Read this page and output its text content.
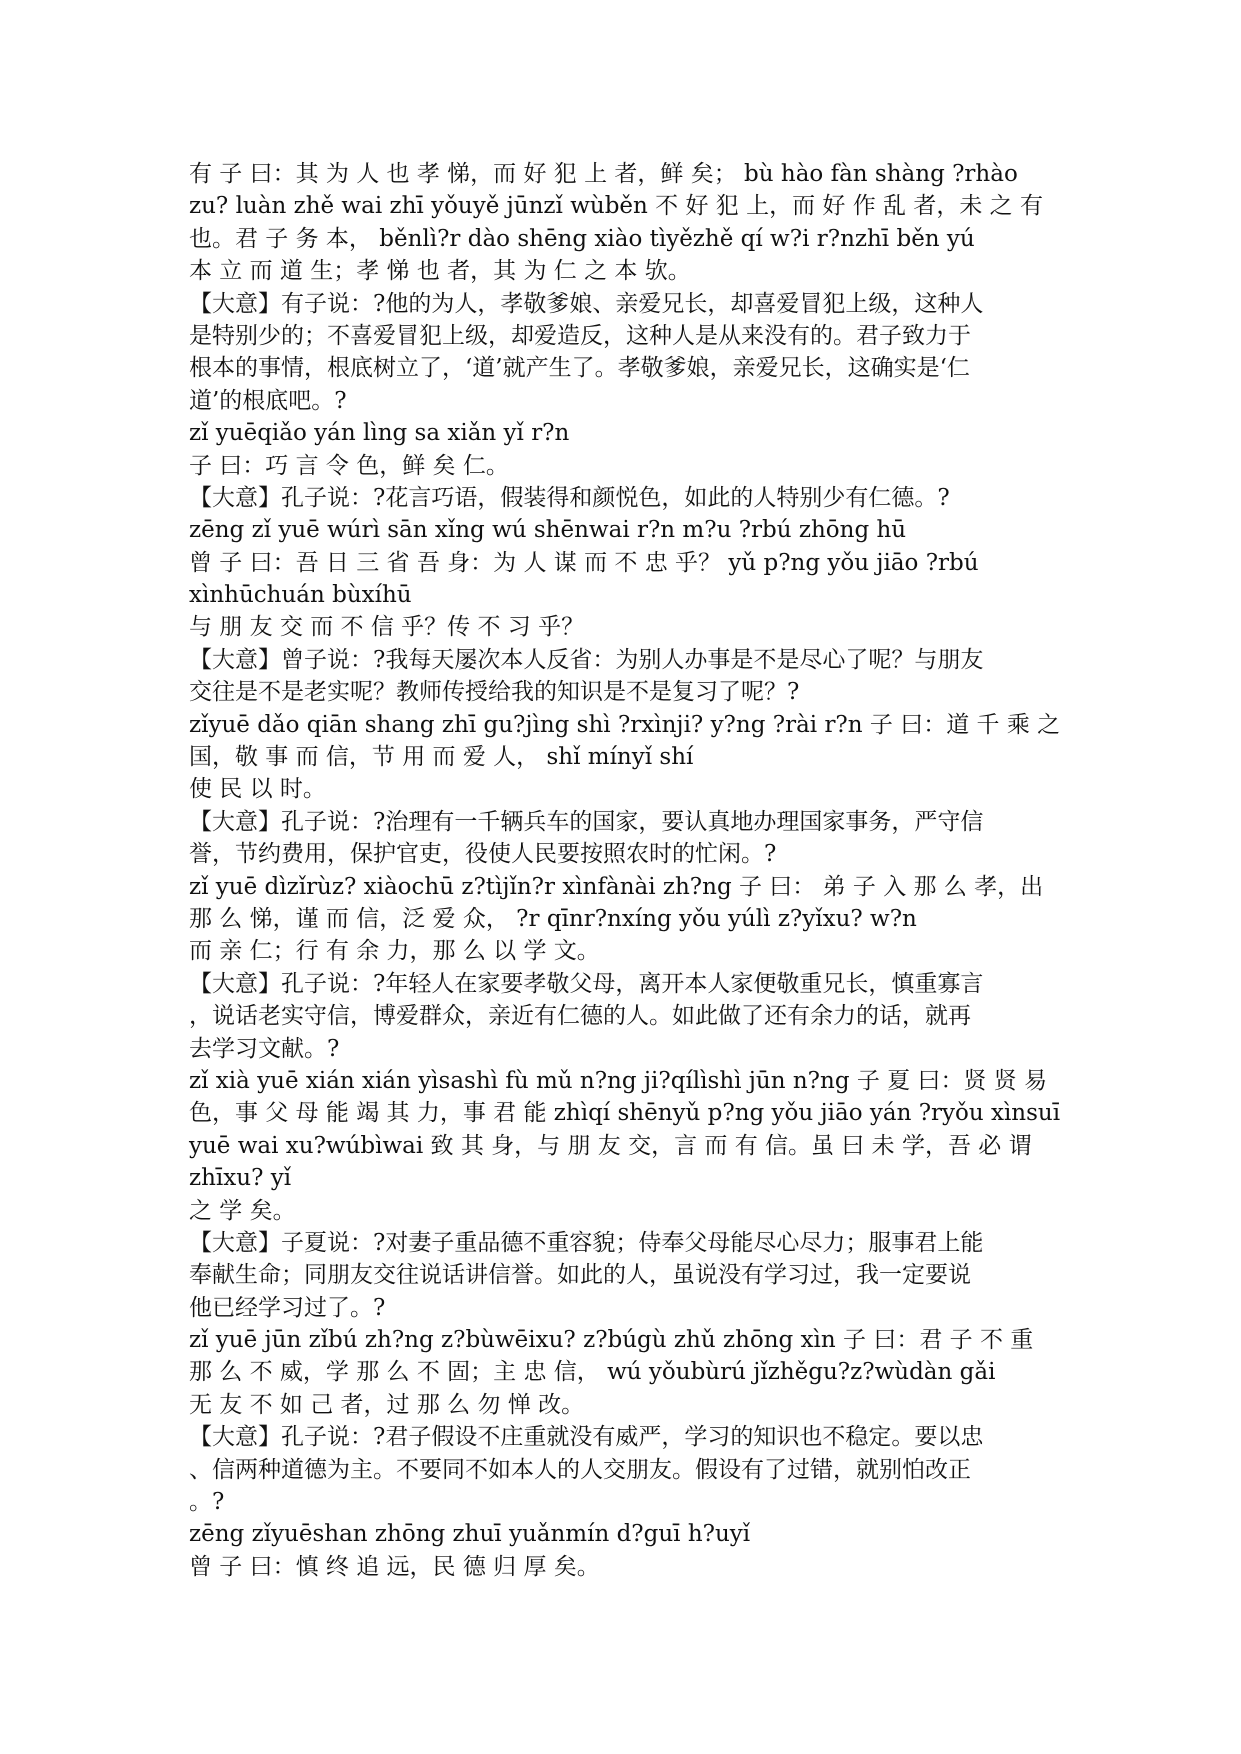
有 子 曰：其 为 人 也 孝 悌，而 好 犯 上 者，鲜 矣； bù hào fàn shàng ?rhào
zu? luàn zhě wai zhī yǒuyě jūnzǐ wùběn 不 好 犯 上，而 好 作 乱 者，未 之 有
也。君 子 务 本， běnlì?r dào shēng xiào tìyězhě qí w?i r?nzhī běn yú
本 立 而 道 生；孝 悌 也 者，其 为 仁 之 本 欤。
【大意】有子说：?他的为人，孝敬爹娘、亲爱兄长，却喜爱冒犯上级，这种人
是特别少的；不喜爱冒犯上级，却爱造反，这种人是从来没有的。君子致力于
根本的事情，根底树立了，‘道’就产生了。孝敬爹娘，亲爱兄长，这确实是‘仁
道’的根底吧。?
zǐ yuēqiǎo yán lìng sa xiǎn yǐ r?n
子 曰：巧 言 令 色，鲜 矣 仁。
【大意】孔子说：?花言巧语，假装得和颜悦色，如此的人特别少有仁德。?
zēng zǐ yuē wúrì sān xǐng wú shēnwai r?n m?u ?rbú zhōng hū
曾 子 曰：吾 日 三 省 吾 身：为 人 谋 而 不 忠 乎？ yǔ p?ng yǒu jiāo ?rbú
xìnhūchuán bùxíhū
与 朋 友 交 而 不 信 乎？传 不 习 乎？
【大意】曾子说：?我每天屡次本人反省：为别人办事是不是尽心了呢？与朋友
交往是不是老实呢？教师传授给我的知识是不是复习了呢？?
zǐyuē dǎo qiān shang zhī gu?jìng shì ?rxìnji? y?ng ?rài r?n 子 曰：道 千 乘 之
国，敬 事 而 信，节 用 而 爱 人， shǐ mínyǐ shí
使 民 以 时。
【大意】孔子说：?治理有一千辆兵车的国家，要认真地办理国家事务，严守信
誉，节约费用，保护官吏，役使人民要按照农时的忙闲。?
zǐ yuē dìzǐrùz? xiàochū z?tìjǐn?r xìnfànài zh?ng 子 曰： 弟 子 入 那 么 孝，出
那 么 悌，谨 而 信，泛 爱 众， ?r qīnr?nxíng yǒu yúlì z?yǐxu? w?n
而 亲 仁；行 有 余 力，那 么 以 学 文。
【大意】孔子说：?年轻人在家要孝敬父母，离开本人家便敬重兄长，慎重寡言
，说话老实守信，博爱群众，亲近有仁德的人。如此做了还有余力的话，就再
去学习文献。?
zǐ xià yuē xián xián yìsashì fù mǔ n?ng ji?qílìshì jūn n?ng 子 夏 曰：贤 贤 易
色，事 父 母 能 竭 其 力，事 君 能 zhìqí shēnyǔ p?ng yǒu jiāo yán ?ryǒu xìnsuī
yuē wai xu?wúbìwai 致 其 身，与 朋 友 交，言 而 有 信。虽 曰 未 学，吾 必 谓
zhīxu? yǐ
之 学 矣。
【大意】子夏说：?对妻子重品德不重容貌；侍奉父母能尽心尽力；服事君上能
奉献生命；同朋友交往说话讲信誉。如此的人，虽说没有学习过，我一定要说
他已经学习过了。?
zǐ yuē jūn zǐbú zh?ng z?bùwēixu? z?búgù zhǔ zhōng xìn 子 曰：君 子 不 重
那 么 不 威，学 那 么 不 固；主 忠 信， wú yǒubùrú jǐzhěgu?z?wùdàn gǎi
无 友 不 如 己 者，过 那 么 勿 惮 改。
【大意】孔子说：?君子假设不庄重就没有威严，学习的知识也不稳定。要以忠
、信两种道德为主。不要同不如本人的人交朋友。假设有了过错，就别怕改正
。?
zēng zǐyuēshan zhōng zhuī yuǎnmín d?guī h?uyǐ
曾 子 曰：慎 终 追 远，民 德 归 厚 矣。
